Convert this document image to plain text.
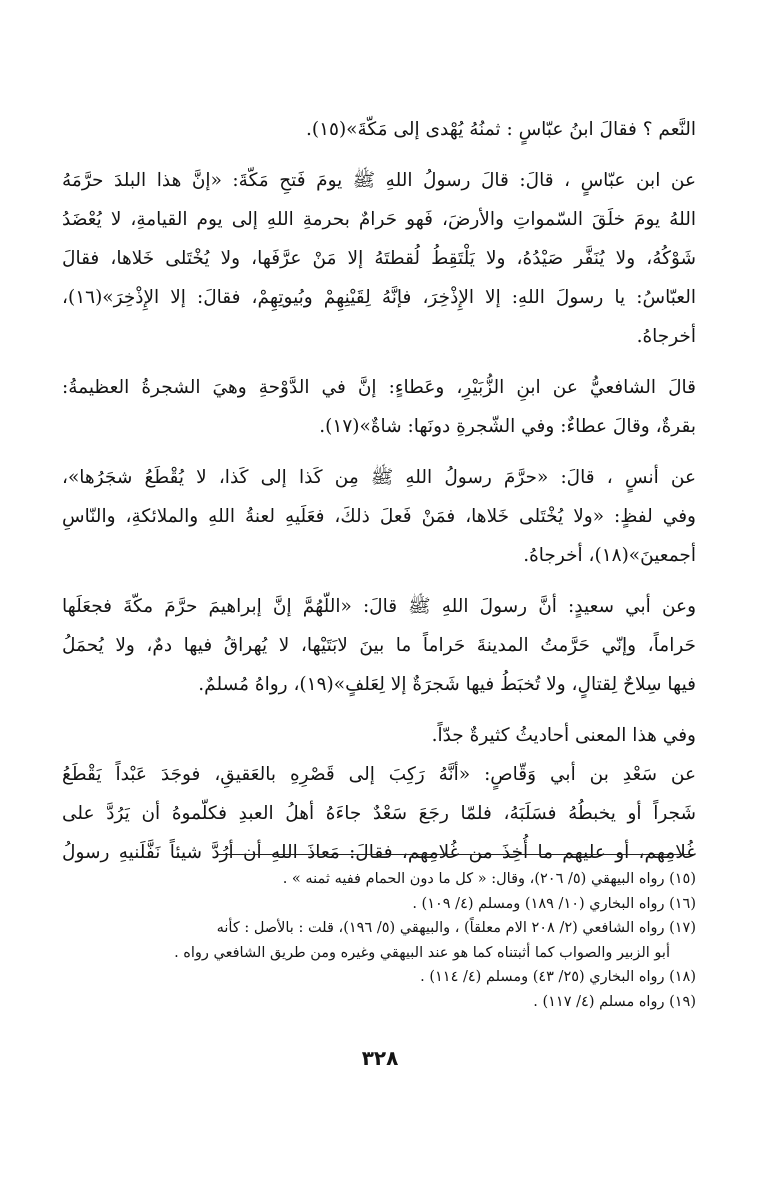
النَّعم ؟ فقالَ ابنُ عبّاسٍ : ثمنُهُ يُهْدى إلى مَكّةَ»(١٥).
عن ابن عبّاسٍ ، قالَ: قالَ رسولُ اللهِ ﷺ يومَ فَتحِ مَكّةَ: «إنَّ هذا البلدَ حرَّمَهُ
اللهُ يومَ خلَقَ السّمواتِ والأرضَ، فَهو حَرامٌ بحرمةِ اللهِ إلى يوم القيامةِ، لا يُعْضَدُ
شَوْكُهُ، ولا يُنَفَّر صَيْدُهُ، ولا يَلْتَقِطُ لُقطتَهُ إلا مَنْ عرَّفَها، ولا يُخْتَلى خَلاها، فقالَ
العبّاسُ: يا رسولَ اللهِ: إلا الإِذْخِرَ، فإنَّهُ لِقَيْنِهِمْ وبُيوتِهِمْ، فقالَ: إلا الإِذْخِرَ»(١٦)،
أخرجاهُ.
قالَ الشافعيُّ عن ابنِ الزُّبَيْرِ، وعَطاءٍ: إنَّ في الدَّوْحةِ وهيَ الشجرةُ العظيمةُ:
بقرةٌ، وقالَ عطاءٌ: وفي الشّجرةِ دونَها: شاةٌ»(١٧).
عن أنسٍ ، قالَ: «حرَّمَ رسولُ اللهِ ﷺ مِن كَذا إلى كَذا، لا يُقْطَعُ شجَرُها»،
وفي لفظٍ: «ولا يُخْتَلى خَلاها، فمَنْ فَعلَ ذلكَ، فعَلَيهِ لعنةُ اللهِ والملائكةِ، والنّاسِ
أجمعينَ»(١٨)، أخرجاهُ.
وعن أبي سعيدٍ: أنَّ رسولَ اللهِ ﷺ قالَ: «اللّهُمَّ إنَّ إبراهيمَ حرَّمَ مكّةَ فجعَلَها
حَراماً، وإنّي حَرَّمتُ المدينةَ حَراماً ما بينَ لابَتَيْها، لا يُهراقُ فيها دمٌ، ولا يُحمَلُ
فيها سِلاحٌ لِقتالٍ، ولا تُخبَطُ فيها شَجرَةٌ إلا لِعَلفٍ»(١٩)، رواهُ مُسلمٌ.
وفي هذا المعنى أحاديثُ كثيرةٌ جدّاً.
عن سَعْدِ بن أبي وَقّاصٍ: «أنَّهُ رَكِبَ إلى قَصْرِهِ بالعَقيقِ، فوجَدَ عَبْداً يَقْطَعُ
شَجراً أو يخبطُهُ فسَلَبَهُ، فلمّا رجَعَ سَعْدٌ جاءَهُ أهلُ العبدِ فكلّموهُ أن يَرُدَّ على
غُلامِهم، أو عليهم ما أُخِذَ من غُلامِهم، فقالَ: مَعاذَ اللهِ أن أرُدَّ شيئاً نَفَّلَنيهِ رسولُ
(١٥) رواه البيهقي (٥/ ٢٠٦)، وقال: « كل ما دون الحمام ففيه ثمنه » .
(١٦) رواه البخاري (١٠/ ١٨٩) ومسلم (٤/ ١٠٩) .
(١٧) رواه الشافعي (٢/ ٢٠٨ الام معلقاً) ، والبيهقي (٥/ ١٩٦)، قلت : بالأصل : كأنه
أبو الزبير والصواب كما أثبتناه كما هو عند البيهقي وغيره ومن طريق الشافعي رواه .
(١٨) رواه البخاري (٢٥/ ٤٣) ومسلم (٤/ ١١٤) .
(١٩) رواه مسلم (٤/ ١١٧) .
٣٢٨
